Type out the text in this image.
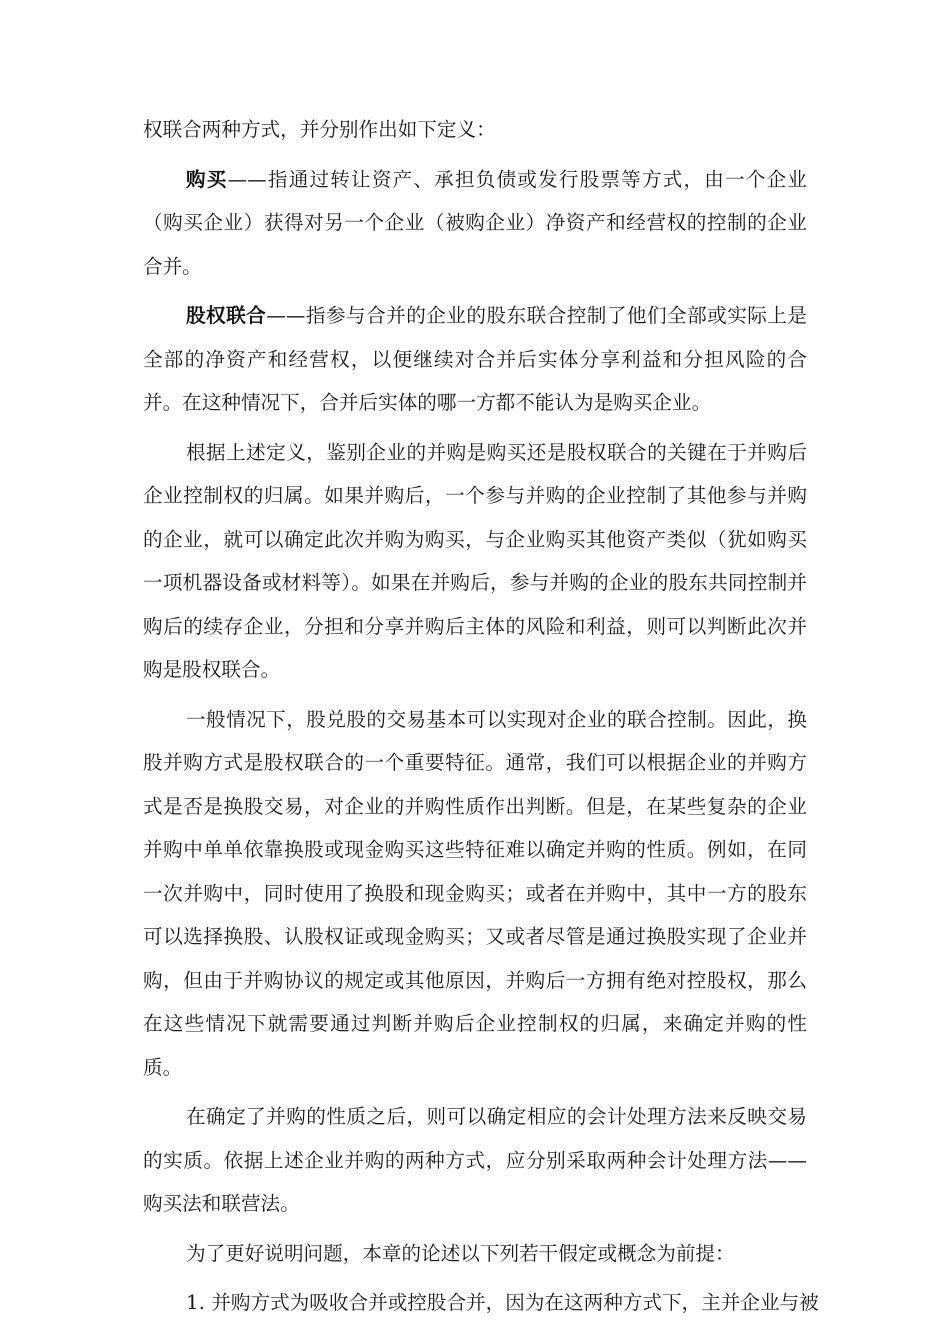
权联合两种方式，并分别作出如下定义：

购买——指通过转让资产、承担负债或发行股票等方式，由一个企业（购买企业）获得对另一个企业（被购企业）净资产和经营权的控制的企业合并。

股权联合——指参与合并的企业的股东联合控制了他们全部或实际上是全部的净资产和经营权，以便继续对合并后实体分享利益和分担风险的合并。在这种情况下，合并后实体的哪一方都不能认为是购买企业。

根据上述定义，鉴别企业的并购是购买还是股权联合的关键在于并购后企业控制权的归属。如果并购后，一个参与并购的企业控制了其他参与并购的企业，就可以确定此次并购为购买，与企业购买其他资产类似（犹如购买一项机器设备或材料等）。如果在并购后，参与并购的企业的股东共同控制并购后的续存企业，分担和分享并购后主体的风险和利益，则可以判断此次并购是股权联合。

一般情况下，股兑股的交易基本可以实现对企业的联合控制。因此，换股并购方式是股权联合的一个重要特征。通常，我们可以根据企业的并购方式是否是换股交易，对企业的并购性质作出判断。但是，在某些复杂的企业并购中单单依靠换股或现金购买这些特征难以确定并购的性质。例如，在同一次并购中，同时使用了换股和现金购买；或者在并购中，其中一方的股东可以选择换股、认股权证或现金购买；又或者尽管是通过换股实现了企业并购，但由于并购协议的规定或其他原因，并购后一方拥有绝对控股权，那么在这些情况下就需要通过判断并购后企业控制权的归属，来确定并购的性质。

在确定了并购的性质之后，则可以确定相应的会计处理方法来反映交易的实质。依据上述企业并购的两种方式，应分别采取两种会计处理方法——购买法和联营法。

为了更好说明问题，本章的论述以下列若干假定或概念为前提：

1. 并购方式为吸收合并或控股合并，因为在这两种方式下，主并企业与被
